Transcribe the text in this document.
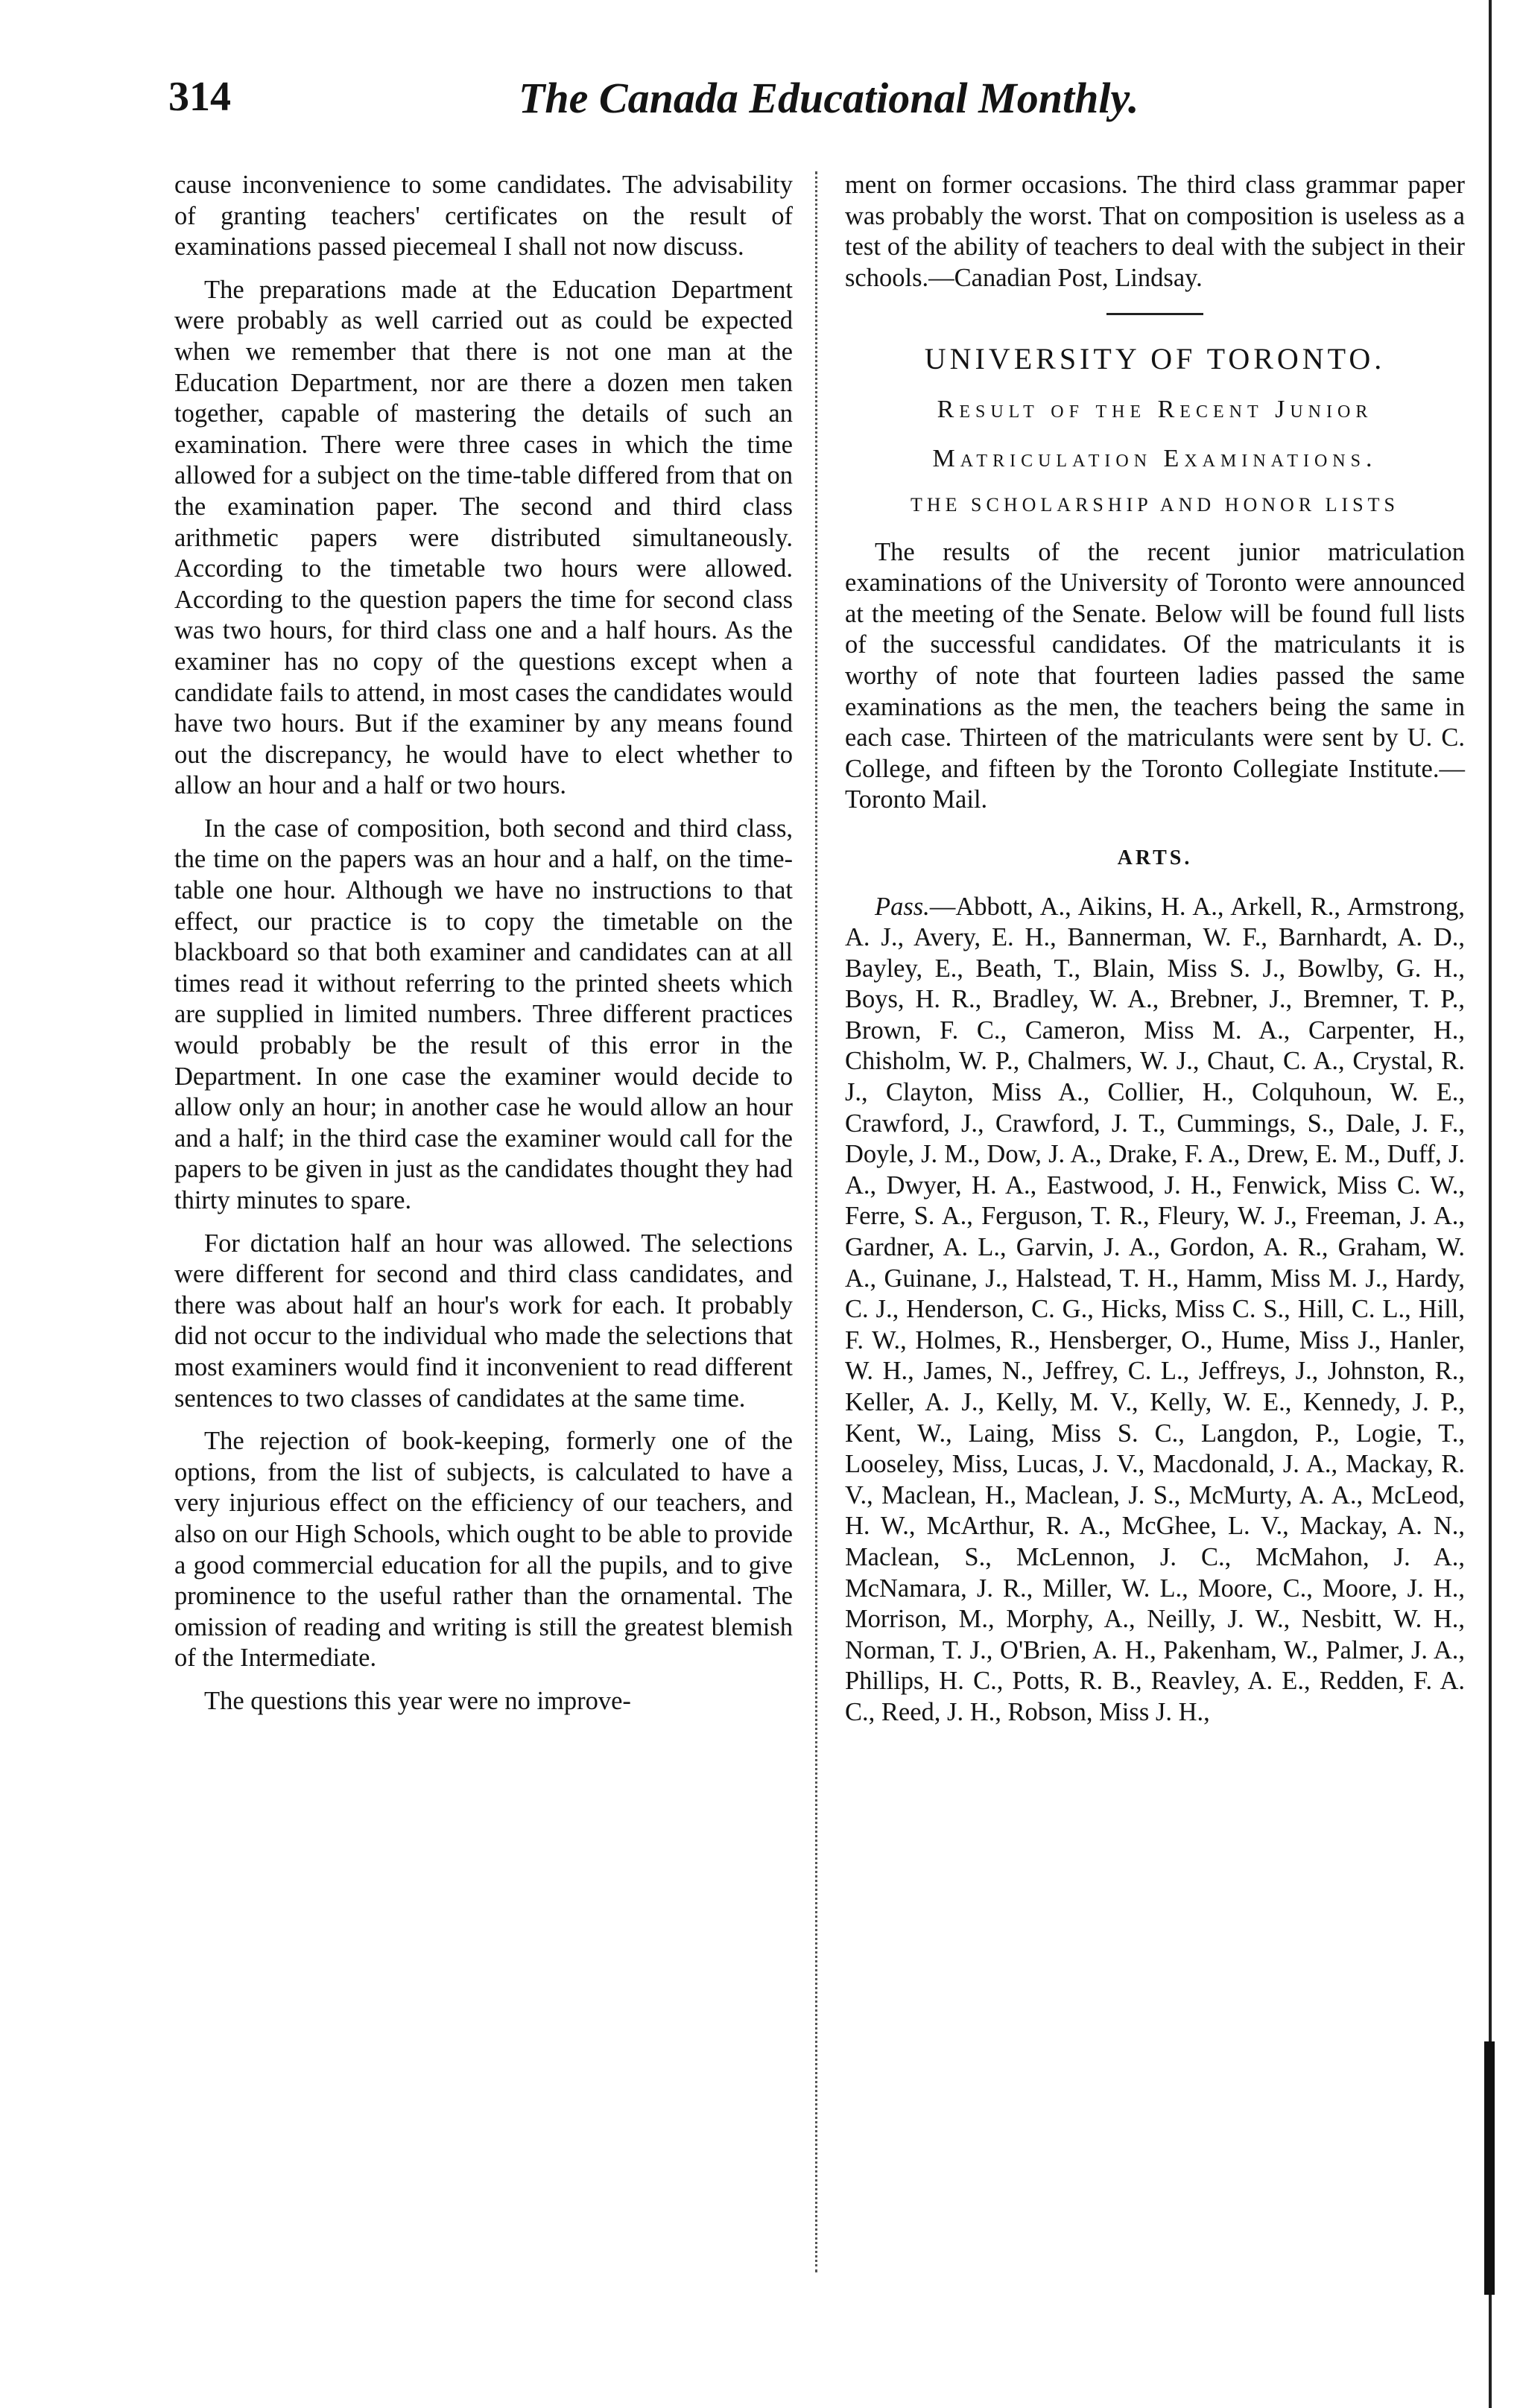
314	The Canada Educational Monthly.

cause inconvenience to some candidates. The advisability of granting teachers' certificates on the result of examinations passed piecemeal I shall not now discuss.

The preparations made at the Education Department were probably as well carried out as could be expected when we remember that there is not one man at the Education Department, nor are there a dozen men taken together, capable of mastering the details of such an examination. There were three cases in which the time allowed for a subject on the time-table differed from that on the examination paper. The second and third class arithmetic papers were distributed simultaneously. According to the timetable two hours were allowed. According to the question papers the time for second class was two hours, for third class one and a half hours. As the examiner has no copy of the questions except when a candidate fails to attend, in most cases the candidates would have two hours. But if the examiner by any means found out the discrepancy, he would have to elect whether to allow an hour and a half or two hours.

In the case of composition, both second and third class, the time on the papers was an hour and a half, on the time-table one hour. Although we have no instructions to that effect, our practice is to copy the timetable on the blackboard so that both examiner and candidates can at all times read it without referring to the printed sheets which are supplied in limited numbers. Three different practices would probably be the result of this error in the Department. In one case the examiner would decide to allow only an hour; in another case he would allow an hour and a half; in the third case the examiner would call for the papers to be given in just as the candidates thought they had thirty minutes to spare.

For dictation half an hour was allowed. The selections were different for second and third class candidates, and there was about half an hour's work for each. It probably did not occur to the individual who made the selections that most examiners would find it inconvenient to read different sentences to two classes of candidates at the same time.

The rejection of book-keeping, formerly one of the options, from the list of subjects, is calculated to have a very injurious effect on the efficiency of our teachers, and also on our High Schools, which ought to be able to provide a good commercial education for all the pupils, and to give prominence to the useful rather than the ornamental. The omission of reading and writing is still the greatest blemish of the Intermediate.

The questions this year were no improve-

ment on former occasions. The third class grammar paper was probably the worst. That on composition is useless as a test of the ability of teachers to deal with the subject in their schools.—Canadian Post, Lindsay.

UNIVERSITY OF TORONTO.
Result of the Recent Junior
Matriculation Examinations.
THE SCHOLARSHIP AND HONOR LISTS

The results of the recent junior matriculation examinations of the University of Toronto were announced at the meeting of the Senate. Below will be found full lists of the successful candidates. Of the matriculants it is worthy of note that fourteen ladies passed the same examinations as the men, the teachers being the same in each case. Thirteen of the matriculants were sent by U. C. College, and fifteen by the Toronto Collegiate Institute.—Toronto Mail.

ARTS.

Pass.—Abbott, A., Aikins, H. A., Arkell, R., Armstrong, A. J., Avery, E. H., Bannerman, W. F., Barnhardt, A. D., Bayley, E., Beath, T., Blain, Miss S. J., Bowlby, G. H., Boys, H. R., Bradley, W. A., Brebner, J., Bremner, T. P., Brown, F. C., Cameron, Miss M. A., Carpenter, H., Chisholm, W. P., Chalmers, W. J., Chaut, C. A., Crystal, R. J., Clayton, Miss A., Collier, H., Colquhoun, W. E., Crawford, J., Crawford, J. T., Cummings, S., Dale, J. F., Doyle, J. M., Dow, J. A., Drake, F. A., Drew, E. M., Duff, J. A., Dwyer, H. A., Eastwood, J. H., Fenwick, Miss C. W., Ferre, S. A., Ferguson, T. R., Fleury, W. J., Freeman, J. A., Gardner, A. L., Garvin, J. A., Gordon, A. R., Graham, W. A., Guinane, J., Halstead, T. H., Hamm, Miss M. J., Hardy, C. J., Henderson, C. G., Hicks, Miss C. S., Hill, C. L., Hill, F. W., Holmes, R., Hensberger, O., Hume, Miss J., Hanler, W. H., James, N., Jeffrey, C. L., Jeffreys, J., Johnston, R., Keller, A. J., Kelly, M. V., Kelly, W. E., Kennedy, J. P., Kent, W., Laing, Miss S. C., Langdon, P., Logie, T., Looseley, Miss, Lucas, J. V., Macdonald, J. A., Mackay, R. V., Maclean, H., Maclean, J. S., McMurty, A. A., McLeod, H. W., McArthur, R. A., McGhee, L. V., Mackay, A. N., Maclean, S., McLennon, J. C., McMahon, J. A., McNamara, J. R., Miller, W. L., Moore, C., Moore, J. H., Morrison, M., Morphy, A., Neilly, J. W., Nesbitt, W. H., Norman, T. J., O'Brien, A. H., Pakenham, W., Palmer, J. A., Phillips, H. C., Potts, R. B., Reavley, A. E., Redden, F. A. C., Reed, J. H., Robson, Miss J. H.,
